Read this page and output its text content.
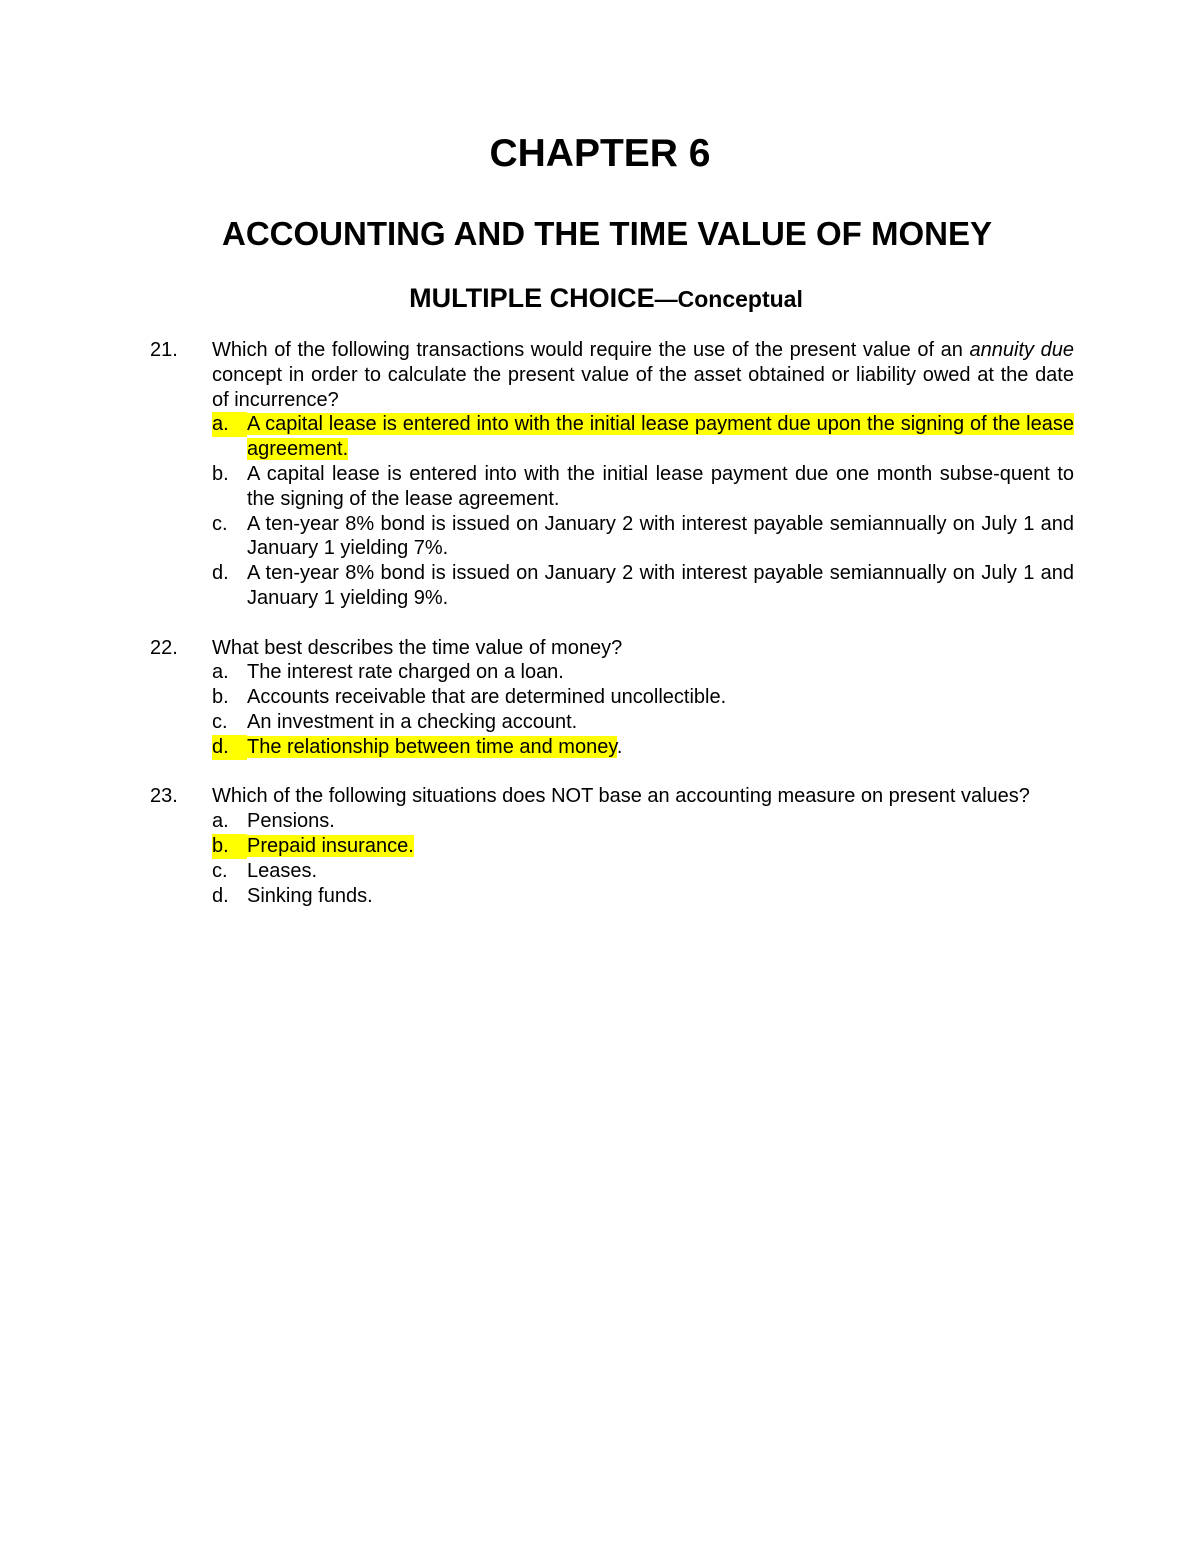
CHAPTER 6
ACCOUNTING AND THE TIME VALUE OF MONEY
MULTIPLE CHOICE—Conceptual
21.	Which of the following transactions would require the use of the present value of an annuity due concept in order to calculate the present value of the asset obtained or liability owed at the date of incurrence?
a. A capital lease is entered into with the initial lease payment due upon the signing of the lease agreement.
b. A capital lease is entered into with the initial lease payment due one month subse-quent to the signing of the lease agreement.
c. A ten-year 8% bond is issued on January 2 with interest payable semiannually on July 1 and January 1 yielding 7%.
d. A ten-year 8% bond is issued on January 2 with interest payable semiannually on July 1 and January 1 yielding 9%.
22.	What best describes the time value of money?
a. The interest rate charged on a loan.
b. Accounts receivable that are determined uncollectible.
c. An investment in a checking account.
d. The relationship between time and money.
23.	Which of the following situations does NOT base an accounting measure on present values?
a. Pensions.
b. Prepaid insurance.
c. Leases.
d. Sinking funds.
